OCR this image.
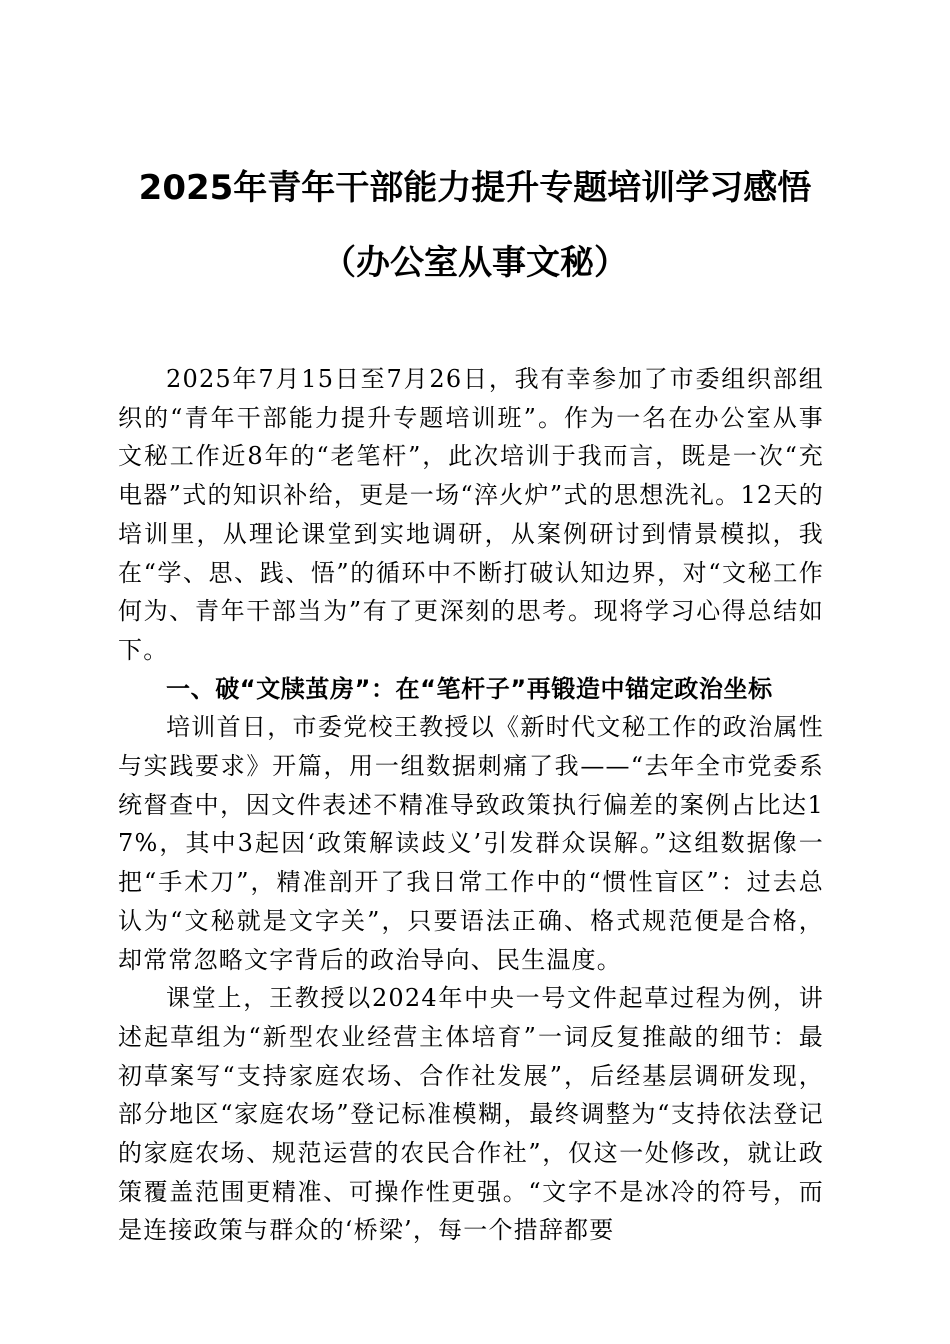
2025年青年干部能力提升专题培训学习感悟
（办公室从事文秘）

2025年7月15日至7月26日，我有幸参加了市委组织部组织的“青年干部能力提升专题培训班”。作为一名在办公室从事文秘工作近8年的“老笔杆”，此次培训于我而言，既是一次“充电器”式的知识补给，更是一场“淬火炉”式的思想洗礼。12天的培训里，从理论课堂到实地调研，从案例研讨到情景模拟，我在“学、思、践、悟”的循环中不断打破认知边界，对“文秘工作何为、青年干部当为”有了更深刻的思考。现将学习心得总结如下。

一、破“文牍茧房”：在“笔杆子”再锻造中锚定政治坐标

培训首日，市委党校王教授以《新时代文秘工作的政治属性与实践要求》开篇，用一组数据刺痛了我——“去年全市党委系统督查中，因文件表述不精准导致政策执行偏差的案例占比达17%，其中3起因‘政策解读歧义’引发群众误解。”这组数据像一把“手术刀”，精准剖开了我日常工作中的“惯性盲区”：过去总认为“文秘就是文字关”，只要语法正确、格式规范便是合格，却常常忽略文字背后的政治导向、民生温度。

课堂上，王教授以2024年中央一号文件起草过程为例，讲述起草组为“新型农业经营主体培育”一词反复推敲的细节：最初草案写“支持家庭农场、合作社发展”，后经基层调研发现，部分地区“家庭农场”登记标准模糊，最终调整为“支持依法登记的家庭农场、规范运营的农民合作社”，仅这一处修改，就让政策覆盖范围更精准、可操作性更强。“文字不是冰冷的符号，而是连接政策与群众的‘桥梁’，每一个措辞都要
